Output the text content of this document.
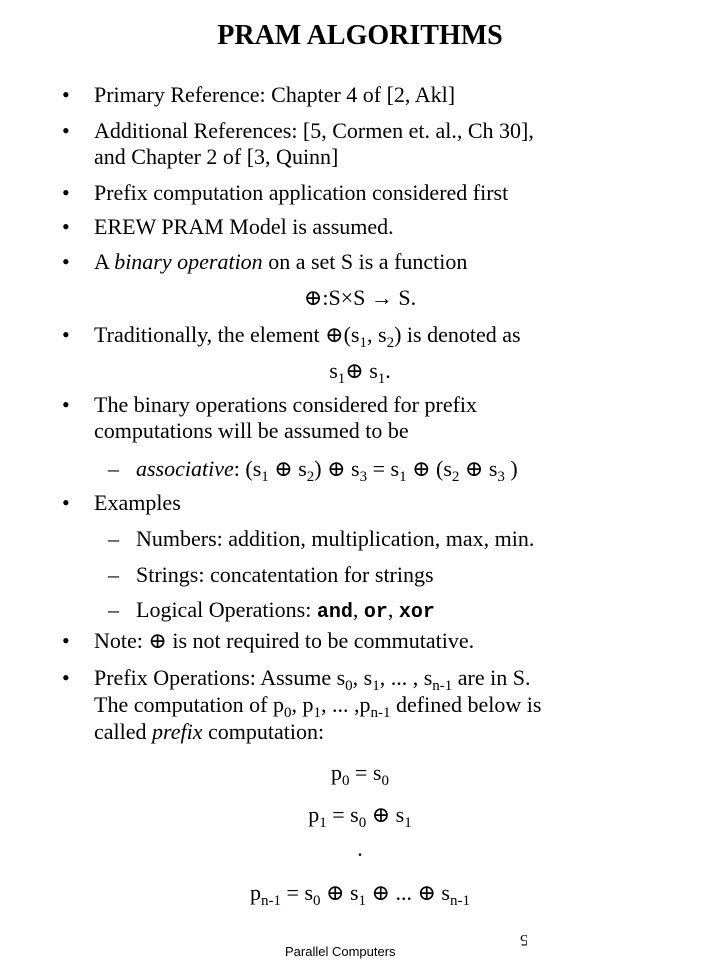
PRAM ALGORITHMS
• Primary Reference: Chapter 4 of [2, Akl]
• Additional References: [5, Cormen et. al., Ch 30],
and Chapter 2 of [3, Quinn]
• Prefix computation application considered first
• EREW PRAM Model is assumed.
• A binary operation on a set S is a function
⊕:S×S → S.
• Traditionally, the element $\oplus(s_1$, $s_2$) is denoted as
$s_1\oplus$ $s_1$.
• The binary operations considered for prefix
computations will be assumed to be
– associative: ($s_1$ ⊕ $s_2$) ⊕ $s_3 = s_1$ ⊕ ($s_2$ ⊕ $s_3$ )
• Examples
– Numbers: addition, multiplication, max, min.
– Strings: concatentation for strings
– Logical Operations: and, or, xor
• Note: ⊕ is not required to be commutative.
• Prefix Operations: Assume $s_0$, $s_1$, ... , $s_{n-1}$ are in S.
The computation of $p_0$, $p_1$, ... $,p_{n-1}$ defined below is
called prefix computation:
$p_0 = s_0$
$p_1 = s_0$ ⊕ $s_1$
.
$p_{n-1} = s_0$ ⊕ $s_1$ ⊕ ... ⊕ $s_{n-1}$
5
Parallel Computers
